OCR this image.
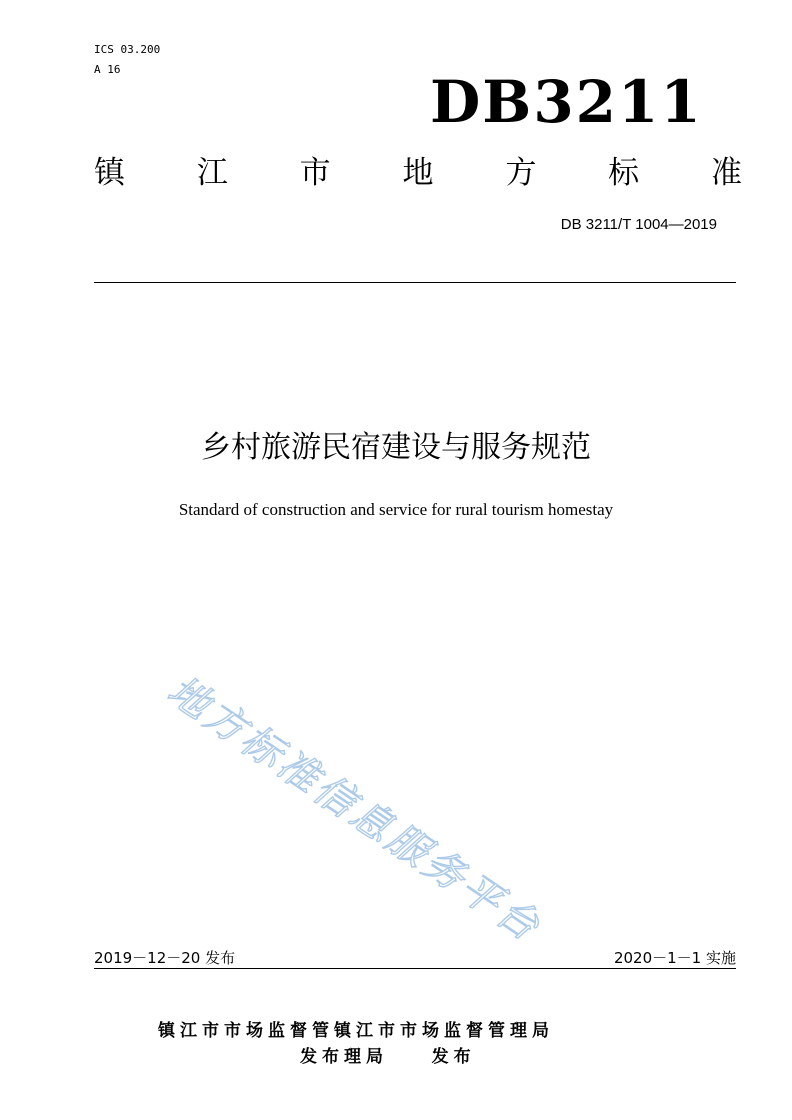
ICS 03.200
A 16	DB3211
镇 江 市 地 方 标 准
DB 3211/T 1004—2019
乡村旅游民宿建设与服务规范
Standard of construction and service for rural tourism homestay
地方标准信息服务平台
2019－12－20 发布	2020－1－1 实施
镇江市市场监督管镇江市市场监督管理局
发布理局    发布
